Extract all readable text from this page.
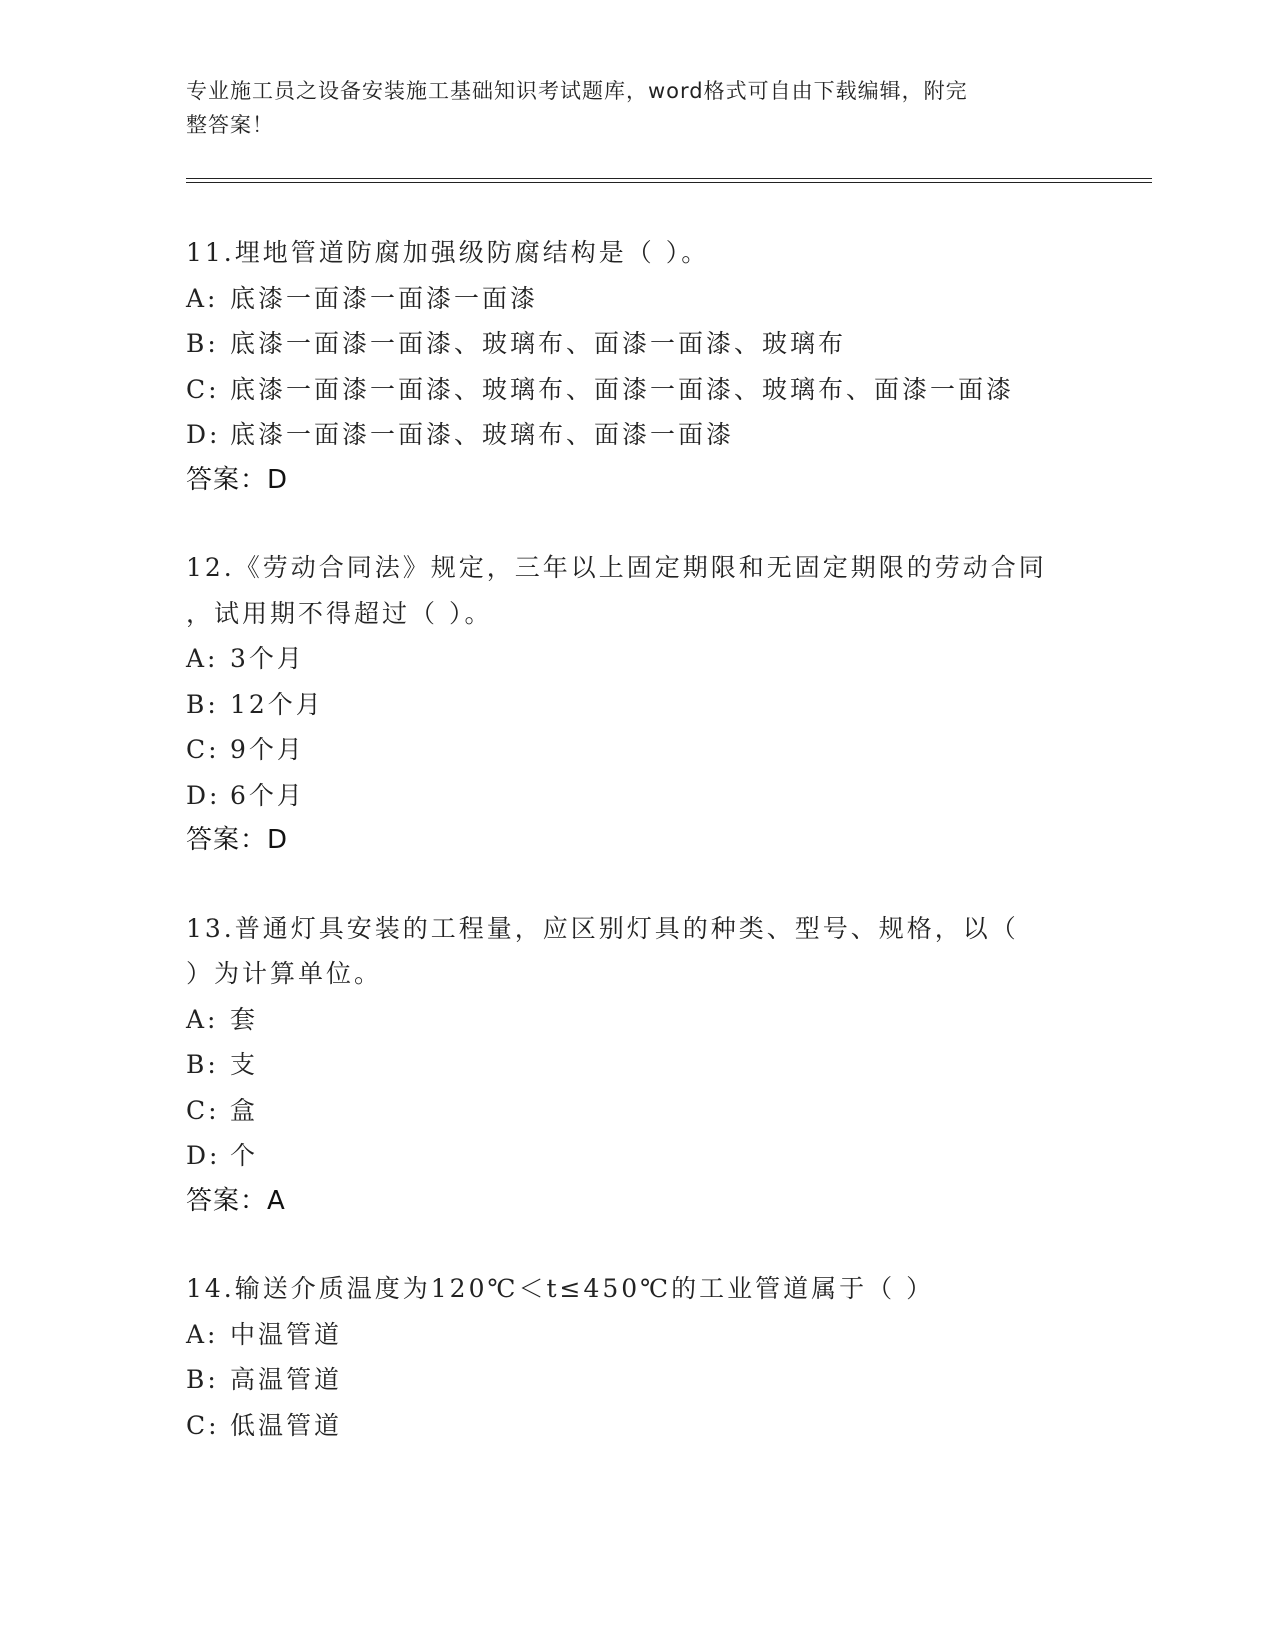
专业施工员之设备安装施工基础知识考试题库，word格式可自由下载编辑，附完
整答案！
11.埋地管道防腐加强级防腐结构是（ ）。
A: 底漆一面漆一面漆一面漆
B: 底漆一面漆一面漆、玻璃布、面漆一面漆、玻璃布
C: 底漆一面漆一面漆、玻璃布、面漆一面漆、玻璃布、面漆一面漆
D: 底漆一面漆一面漆、玻璃布、面漆一面漆
答案：D
12.《劳动合同法》规定，三年以上固定期限和无固定期限的劳动合同
，试用期不得超过（ ）。
A: 3个月
B: 12个月
C: 9个月
D: 6个月
答案：D
13.普通灯具安装的工程量，应区别灯具的种类、型号、规格，以（
）为计算单位。
A: 套
B: 支
C: 盒
D: 个
答案：A
14.输送介质温度为120℃＜t≤450℃的工业管道属于（ ）
A: 中温管道
B: 高温管道
C: 低温管道
